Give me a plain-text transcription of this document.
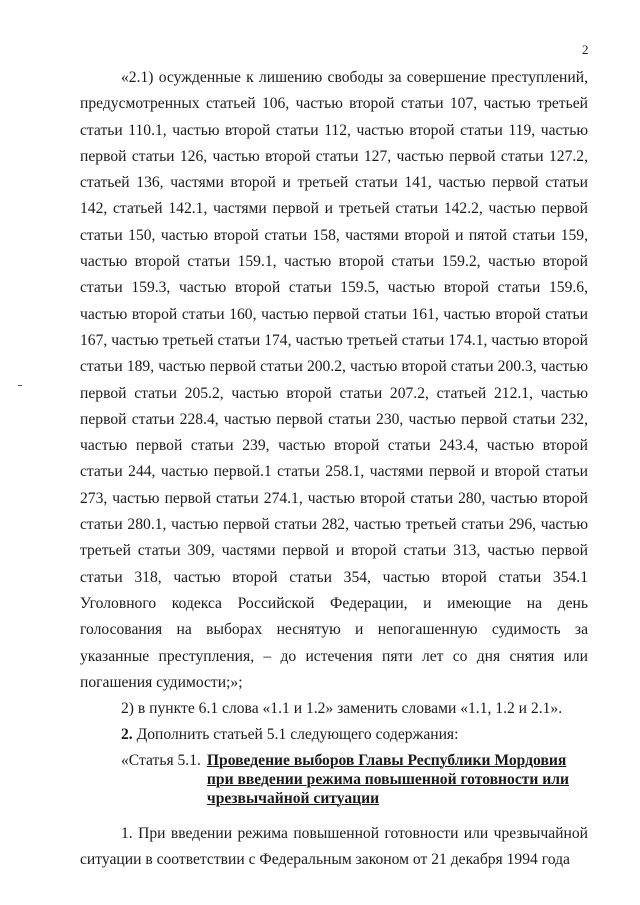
2

«2.1) осужденные к лишению свободы за совершение преступлений, предусмотренных статьей 106, частью второй статьи 107, частью третьей статьи 110.1, частью второй статьи 112, частью второй статьи 119, частью первой статьи 126, частью второй статьи 127, частью первой статьи 127.2, статьей 136, частями второй и третьей статьи 141, частью первой статьи 142, статьей 142.1, частями первой и третьей статьи 142.2, частью первой статьи 150, частью второй статьи 158, частями второй и пятой статьи 159, частью второй статьи 159.1, частью второй статьи 159.2, частью второй статьи 159.3, частью второй статьи 159.5, частью второй статьи 159.6, частью второй статьи 160, частью первой статьи 161, частью второй статьи 167, частью третьей статьи 174, частью третьей статьи 174.1, частью второй статьи 189, частью первой статьи 200.2, частью второй статьи 200.3, частью первой статьи 205.2, частью второй статьи 207.2, статьей 212.1, частью первой статьи 228.4, частью первой статьи 230, частью первой статьи 232, частью первой статьи 239, частью второй статьи 243.4, частью второй статьи 244, частью первой.1 статьи 258.1, частями первой и второй статьи 273, частью первой статьи 274.1, частью второй статьи 280, частью второй статьи 280.1, частью первой статьи 282, частью третьей статьи 296, частью третьей статьи 309, частями первой и второй статьи 313, частью первой статьи 318, частью второй статьи 354, частью второй статьи 354.1 Уголовного кодекса Российской Федерации, и имеющие на день голосования на выборах неснятую и непогашенную судимость за указанные преступления, – до истечения пяти лет со дня снятия или погашения судимости;»;

2) в пункте 6.1 слова «1.1 и 1.2» заменить словами «1.1, 1.2 и 2.1».

2. Дополнить статьей 5.1 следующего содержания:

«Статья 5.1. Проведение выборов Главы Республики Мордовия при введении режима повышенной готовности или чрезвычайной ситуации

1. При введении режима повышенной готовности или чрезвычайной ситуации в соответствии с Федеральным законом от 21 декабря 1994 года
